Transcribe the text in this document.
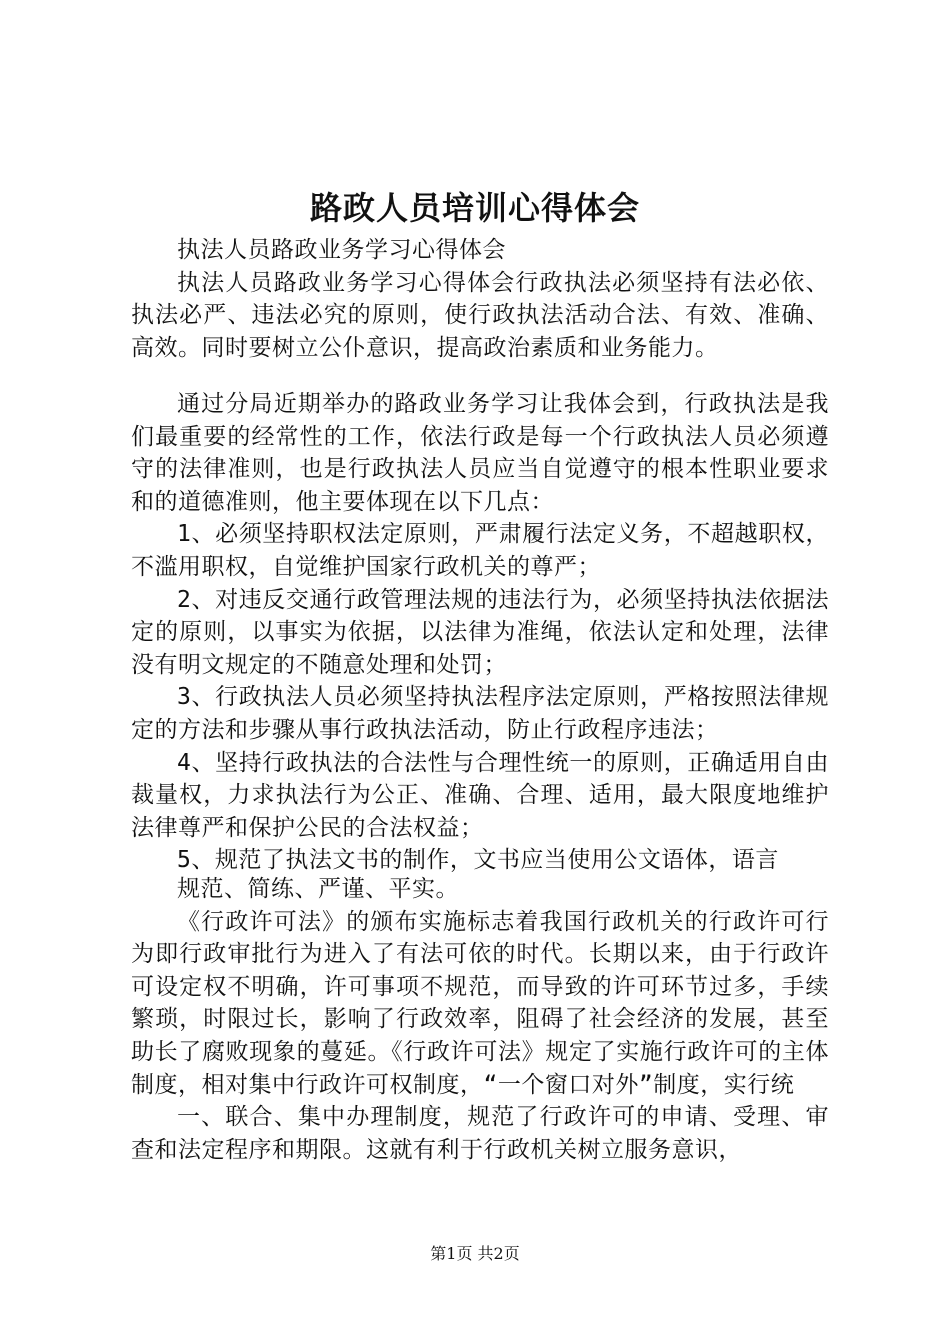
路政人员培训心得体会

执法人员路政业务学习心得体会

执法人员路政业务学习心得体会行政执法必须坚持有法必依、执法必严、违法必究的原则，使行政执法活动合法、有效、准确、高效。同时要树立公仆意识，提高政治素质和业务能力。

通过分局近期举办的路政业务学习让我体会到，行政执法是我们最重要的经常性的工作，依法行政是每一个行政执法人员必须遵守的法律准则，也是行政执法人员应当自觉遵守的根本性职业要求和的道德准则，他主要体现在以下几点：

1、必须坚持职权法定原则，严肃履行法定义务，不超越职权，不滥用职权，自觉维护国家行政机关的尊严；

2、对违反交通行政管理法规的违法行为，必须坚持执法依据法定的原则，以事实为依据，以法律为准绳，依法认定和处理，法律没有明文规定的不随意处理和处罚；

3、行政执法人员必须坚持执法程序法定原则，严格按照法律规定的方法和步骤从事行政执法活动，防止行政程序违法；

4、坚持行政执法的合法性与合理性统一的原则，正确适用自由裁量权，力求执法行为公正、准确、合理、适用，最大限度地维护法律尊严和保护公民的合法权益；

5、规范了执法文书的制作，文书应当使用公文语体，语言

规范、简练、严谨、平实。

《行政许可法》的颁布实施标志着我国行政机关的行政许可行为即行政审批行为进入了有法可依的时代。长期以来，由于行政许可设定权不明确，许可事项不规范，而导致的许可环节过多，手续繁琐，时限过长，影响了行政效率，阻碍了社会经济的发展，甚至助长了腐败现象的蔓延。《行政许可法》规定了实施行政许可的主体制度，相对集中行政许可权制度，“一个窗口对外”制度，实行统

一、联合、集中办理制度，规范了行政许可的申请、受理、审查和法定程序和期限。这就有利于行政机关树立服务意识，

第1页 共2页
